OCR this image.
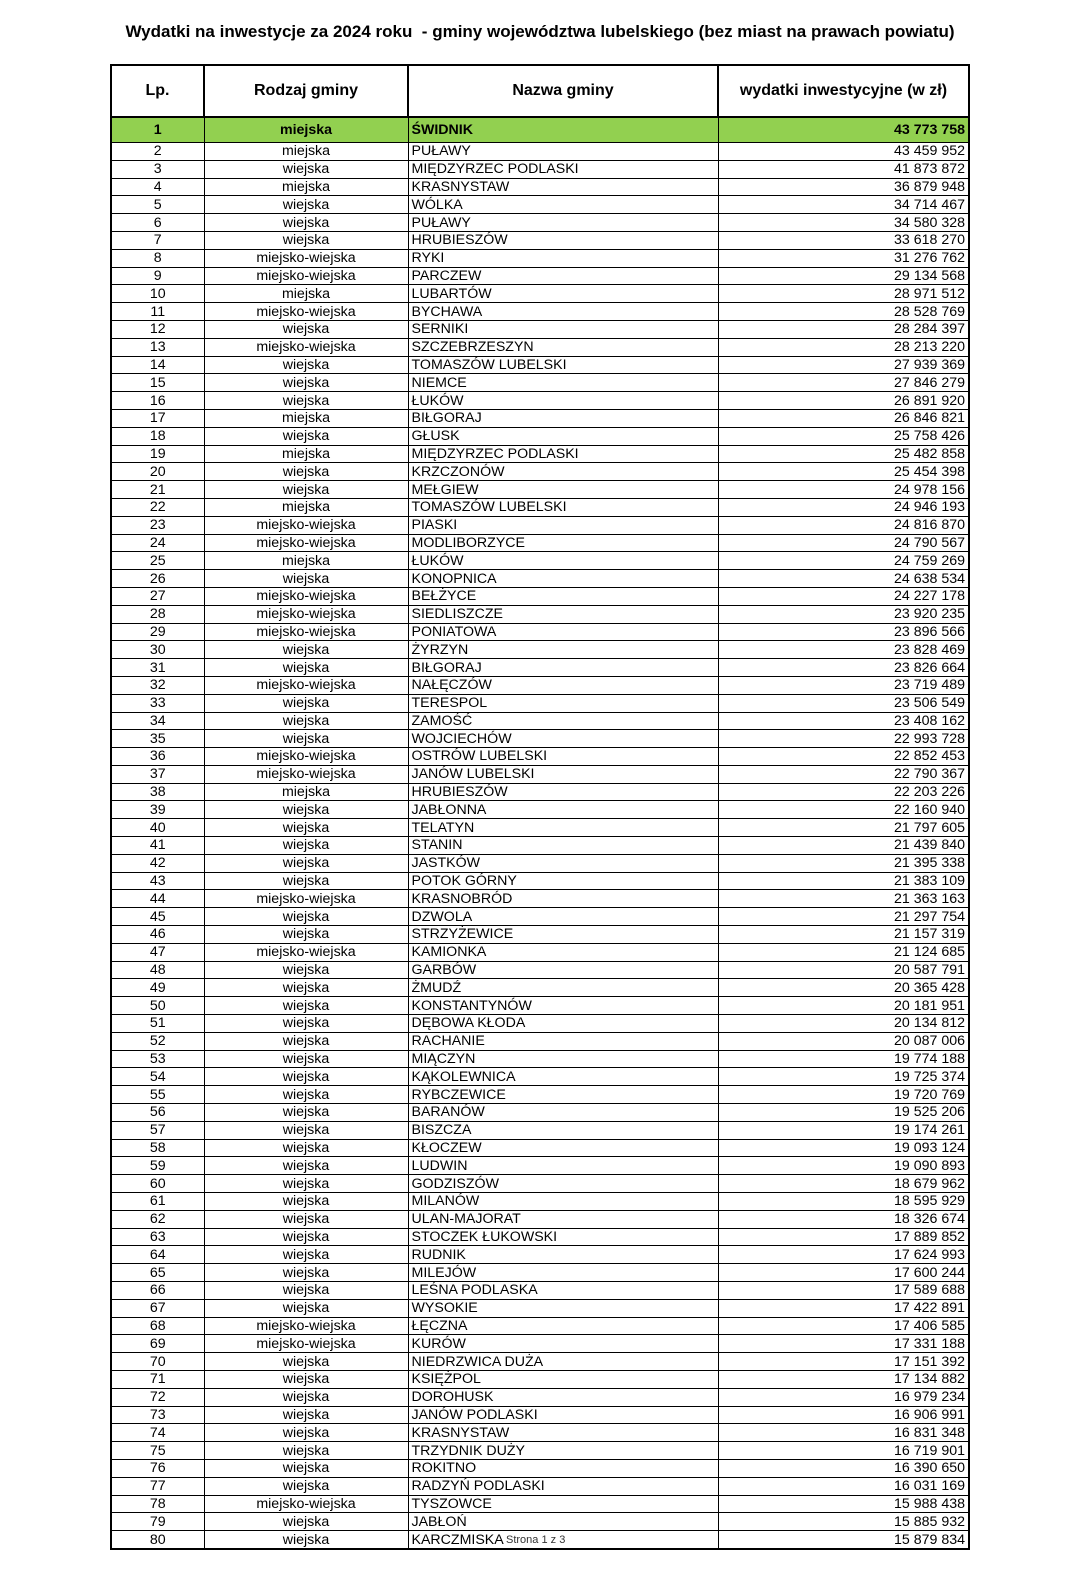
Wydatki na inwestycje za 2024 roku  - gminy województwa lubelskiego (bez miast na prawach powiatu)
Lp.	Rodzaj gminy	Nazwa gminy	wydatki inwestycyjne (w zł)
1	miejska	ŚWIDNIK	43 773 758
2	miejska	PUŁAWY	43 459 952
3	wiejska	MIĘDZYRZEC PODLASKI	41 873 872
4	miejska	KRASNYSTAW	36 879 948
5	wiejska	WÓLKA	34 714 467
6	wiejska	PUŁAWY	34 580 328
7	wiejska	HRUBIESZÓW	33 618 270
8	miejsko-wiejska	RYKI	31 276 762
9	miejsko-wiejska	PARCZEW	29 134 568
10	miejska	LUBARTÓW	28 971 512
11	miejsko-wiejska	BYCHAWA	28 528 769
12	wiejska	SERNIKI	28 284 397
13	miejsko-wiejska	SZCZEBRZESZYN	28 213 220
14	wiejska	TOMASZÓW LUBELSKI	27 939 369
15	wiejska	NIEMCE	27 846 279
16	wiejska	ŁUKÓW	26 891 920
17	miejska	BIŁGORAJ	26 846 821
18	wiejska	GŁUSK	25 758 426
19	miejska	MIĘDZYRZEC PODLASKI	25 482 858
20	wiejska	KRZCZONÓW	25 454 398
21	wiejska	MEŁGIEW	24 978 156
22	miejska	TOMASZÓW LUBELSKI	24 946 193
23	miejsko-wiejska	PIASKI	24 816 870
24	miejsko-wiejska	MODLIBORZYCE	24 790 567
25	miejska	ŁUKÓW	24 759 269
26	wiejska	KONOPNICA	24 638 534
27	miejsko-wiejska	BEŁŻYCE	24 227 178
28	miejsko-wiejska	SIEDLISZCZE	23 920 235
29	miejsko-wiejska	PONIATOWA	23 896 566
30	wiejska	ŻYRZYN	23 828 469
31	wiejska	BIŁGORAJ	23 826 664
32	miejsko-wiejska	NAŁĘCZÓW	23 719 489
33	wiejska	TERESPOL	23 506 549
34	wiejska	ZAMOŚĆ	23 408 162
35	wiejska	WOJCIECHÓW	22 993 728
36	miejsko-wiejska	OSTRÓW LUBELSKI	22 852 453
37	miejsko-wiejska	JANÓW LUBELSKI	22 790 367
38	miejska	HRUBIESZÓW	22 203 226
39	wiejska	JABŁONNA	22 160 940
40	wiejska	TELATYN	21 797 605
41	wiejska	STANIN	21 439 840
42	wiejska	JASTKÓW	21 395 338
43	wiejska	POTOK GÓRNY	21 383 109
44	miejsko-wiejska	KRASNOBRÓD	21 363 163
45	wiejska	DZWOLA	21 297 754
46	wiejska	STRZYŻEWICE	21 157 319
47	miejsko-wiejska	KAMIONKA	21 124 685
48	wiejska	GARBÓW	20 587 791
49	wiejska	ŻMUDŹ	20 365 428
50	wiejska	KONSTANTYNÓW	20 181 951
51	wiejska	DĘBOWA KŁODA	20 134 812
52	wiejska	RACHANIE	20 087 006
53	wiejska	MIĄCZYN	19 774 188
54	wiejska	KĄKOLEWNICA	19 725 374
55	wiejska	RYBCZEWICE	19 720 769
56	wiejska	BARANÓW	19 525 206
57	wiejska	BISZCZA	19 174 261
58	wiejska	KŁOCZEW	19 093 124
59	wiejska	LUDWIN	19 090 893
60	wiejska	GODZISZÓW	18 679 962
61	wiejska	MILANÓW	18 595 929
62	wiejska	ULAN-MAJORAT	18 326 674
63	wiejska	STOCZEK ŁUKOWSKI	17 889 852
64	wiejska	RUDNIK	17 624 993
65	wiejska	MILEJÓW	17 600 244
66	wiejska	LEŚNA PODLASKA	17 589 688
67	wiejska	WYSOKIE	17 422 891
68	miejsko-wiejska	ŁĘCZNA	17 406 585
69	miejsko-wiejska	KURÓW	17 331 188
70	wiejska	NIEDRZWICA DUŻA	17 151 392
71	wiejska	KSIĘŻPOL	17 134 882
72	wiejska	DOROHUSK	16 979 234
73	wiejska	JANÓW PODLASKI	16 906 991
74	wiejska	KRASNYSTAW	16 831 348
75	wiejska	TRZYDNIK DUŻY	16 719 901
76	wiejska	ROKITNO	16 390 650
77	wiejska	RADZYŃ PODLASKI	16 031 169
78	miejsko-wiejska	TYSZOWCE	15 988 438
79	wiejska	JABŁOŃ	15 885 932
80	wiejska	KARCZMISKA	15 879 834
Strona 1 z 3
